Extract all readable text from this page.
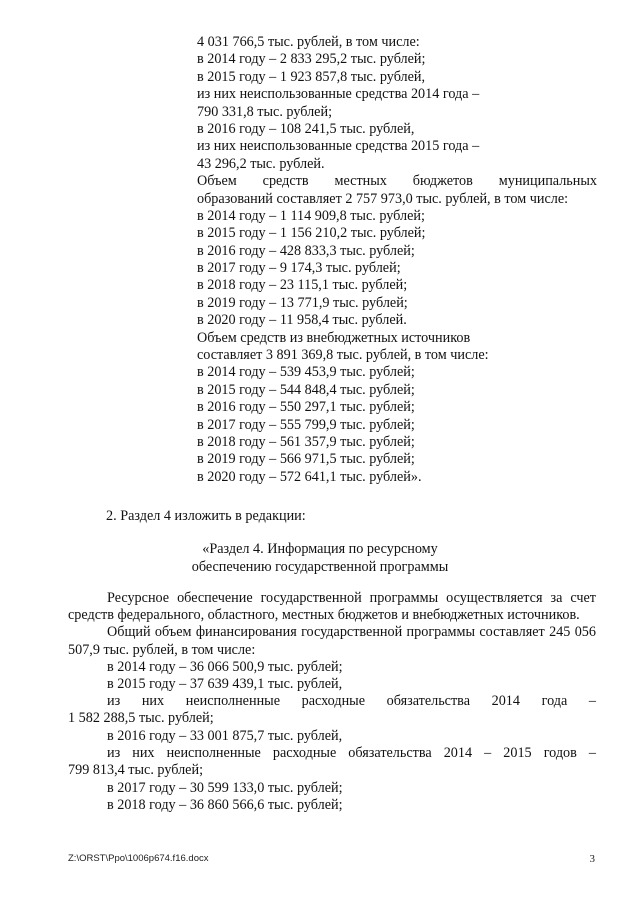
4 031 766,5 тыс. рублей, в том числе:
в 2014 году – 2 833 295,2 тыс. рублей;
в 2015 году – 1 923 857,8 тыс. рублей,
из них неиспользованные средства 2014 года –
790 331,8 тыс. рублей;
в 2016 году – 108 241,5 тыс. рублей,
из них неиспользованные средства 2015 года –
43 296,2 тыс. рублей.
Объем средств местных бюджетов муниципальных
образований составляет 2 757 973,0 тыс. рублей, в том числе:
в 2014 году – 1 114 909,8 тыс. рублей;
в 2015 году – 1 156 210,2 тыс. рублей;
в 2016 году – 428 833,3 тыс. рублей;
в 2017 году – 9 174,3 тыс. рублей;
в 2018 году – 23 115,1 тыс. рублей;
в 2019 году – 13 771,9 тыс. рублей;
в 2020 году – 11 958,4 тыс. рублей.
Объем средств из внебюджетных источников
составляет 3 891 369,8 тыс. рублей, в том числе:
в 2014 году – 539 453,9 тыс. рублей;
в 2015 году – 544 848,4 тыс. рублей;
в 2016 году – 550 297,1 тыс. рублей;
в 2017 году – 555 799,9 тыс. рублей;
в 2018 году – 561 357,9 тыс. рублей;
в 2019 году – 566 971,5 тыс. рублей;
в 2020 году – 572 641,1 тыс. рублей».
2. Раздел 4 изложить в редакции:
«Раздел 4. Информация по ресурсному
обеспечению государственной программы

Ресурсное обеспечение государственной программы осуществляется за счет средств федерального, областного, местных бюджетов и внебюджетных источников.

Общий объем финансирования государственной программы составляет 245 056 507,9 тыс. рублей, в том числе:

в 2014 году – 36 066 500,9 тыс. рублей;
в 2015 году – 37 639 439,1 тыс. рублей,
из них неисполненные расходные обязательства 2014 года –
1 582 288,5 тыс. рублей;
в 2016 году – 33 001 875,7 тыс. рублей,
из них неисполненные расходные обязательства 2014 – 2015 годов –
799 813,4 тыс. рублей;
в 2017 году – 30 599 133,0 тыс. рублей;
в 2018 году – 36 860 566,6 тыс. рублей;
Z:\ORST\Ppo\1006p674.f16.docx	3
